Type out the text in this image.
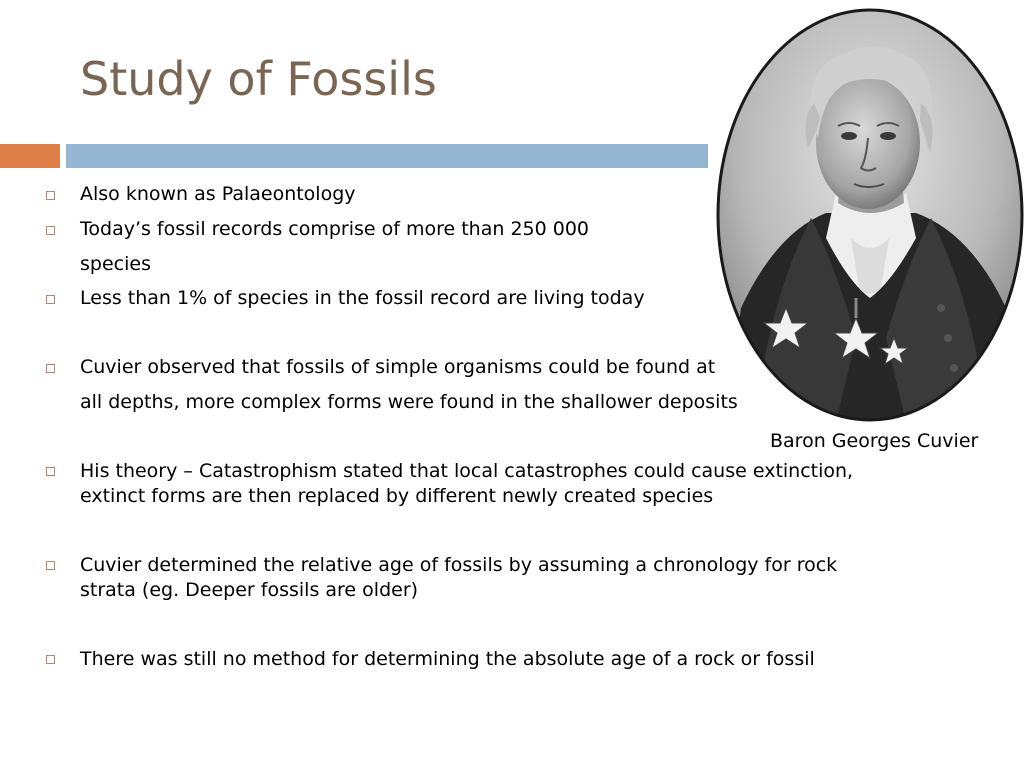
Study of Fossils
Also known as Palaeontology
Today’s fossil records comprise of more than 250 000
species
Less than 1% of species in the fossil record are living today
Cuvier observed that fossils of simple organisms could be found at
all depths, more complex forms were found in the shallower deposits
His theory – Catastrophism stated that local catastrophes could cause extinction,
extinct forms are then replaced by different newly created species
Cuvier determined the relative age of fossils by assuming a chronology for rock
strata (eg. Deeper fossils are older)
There was still no method for determining the absolute age of a rock or fossil
Baron Georges Cuvier
